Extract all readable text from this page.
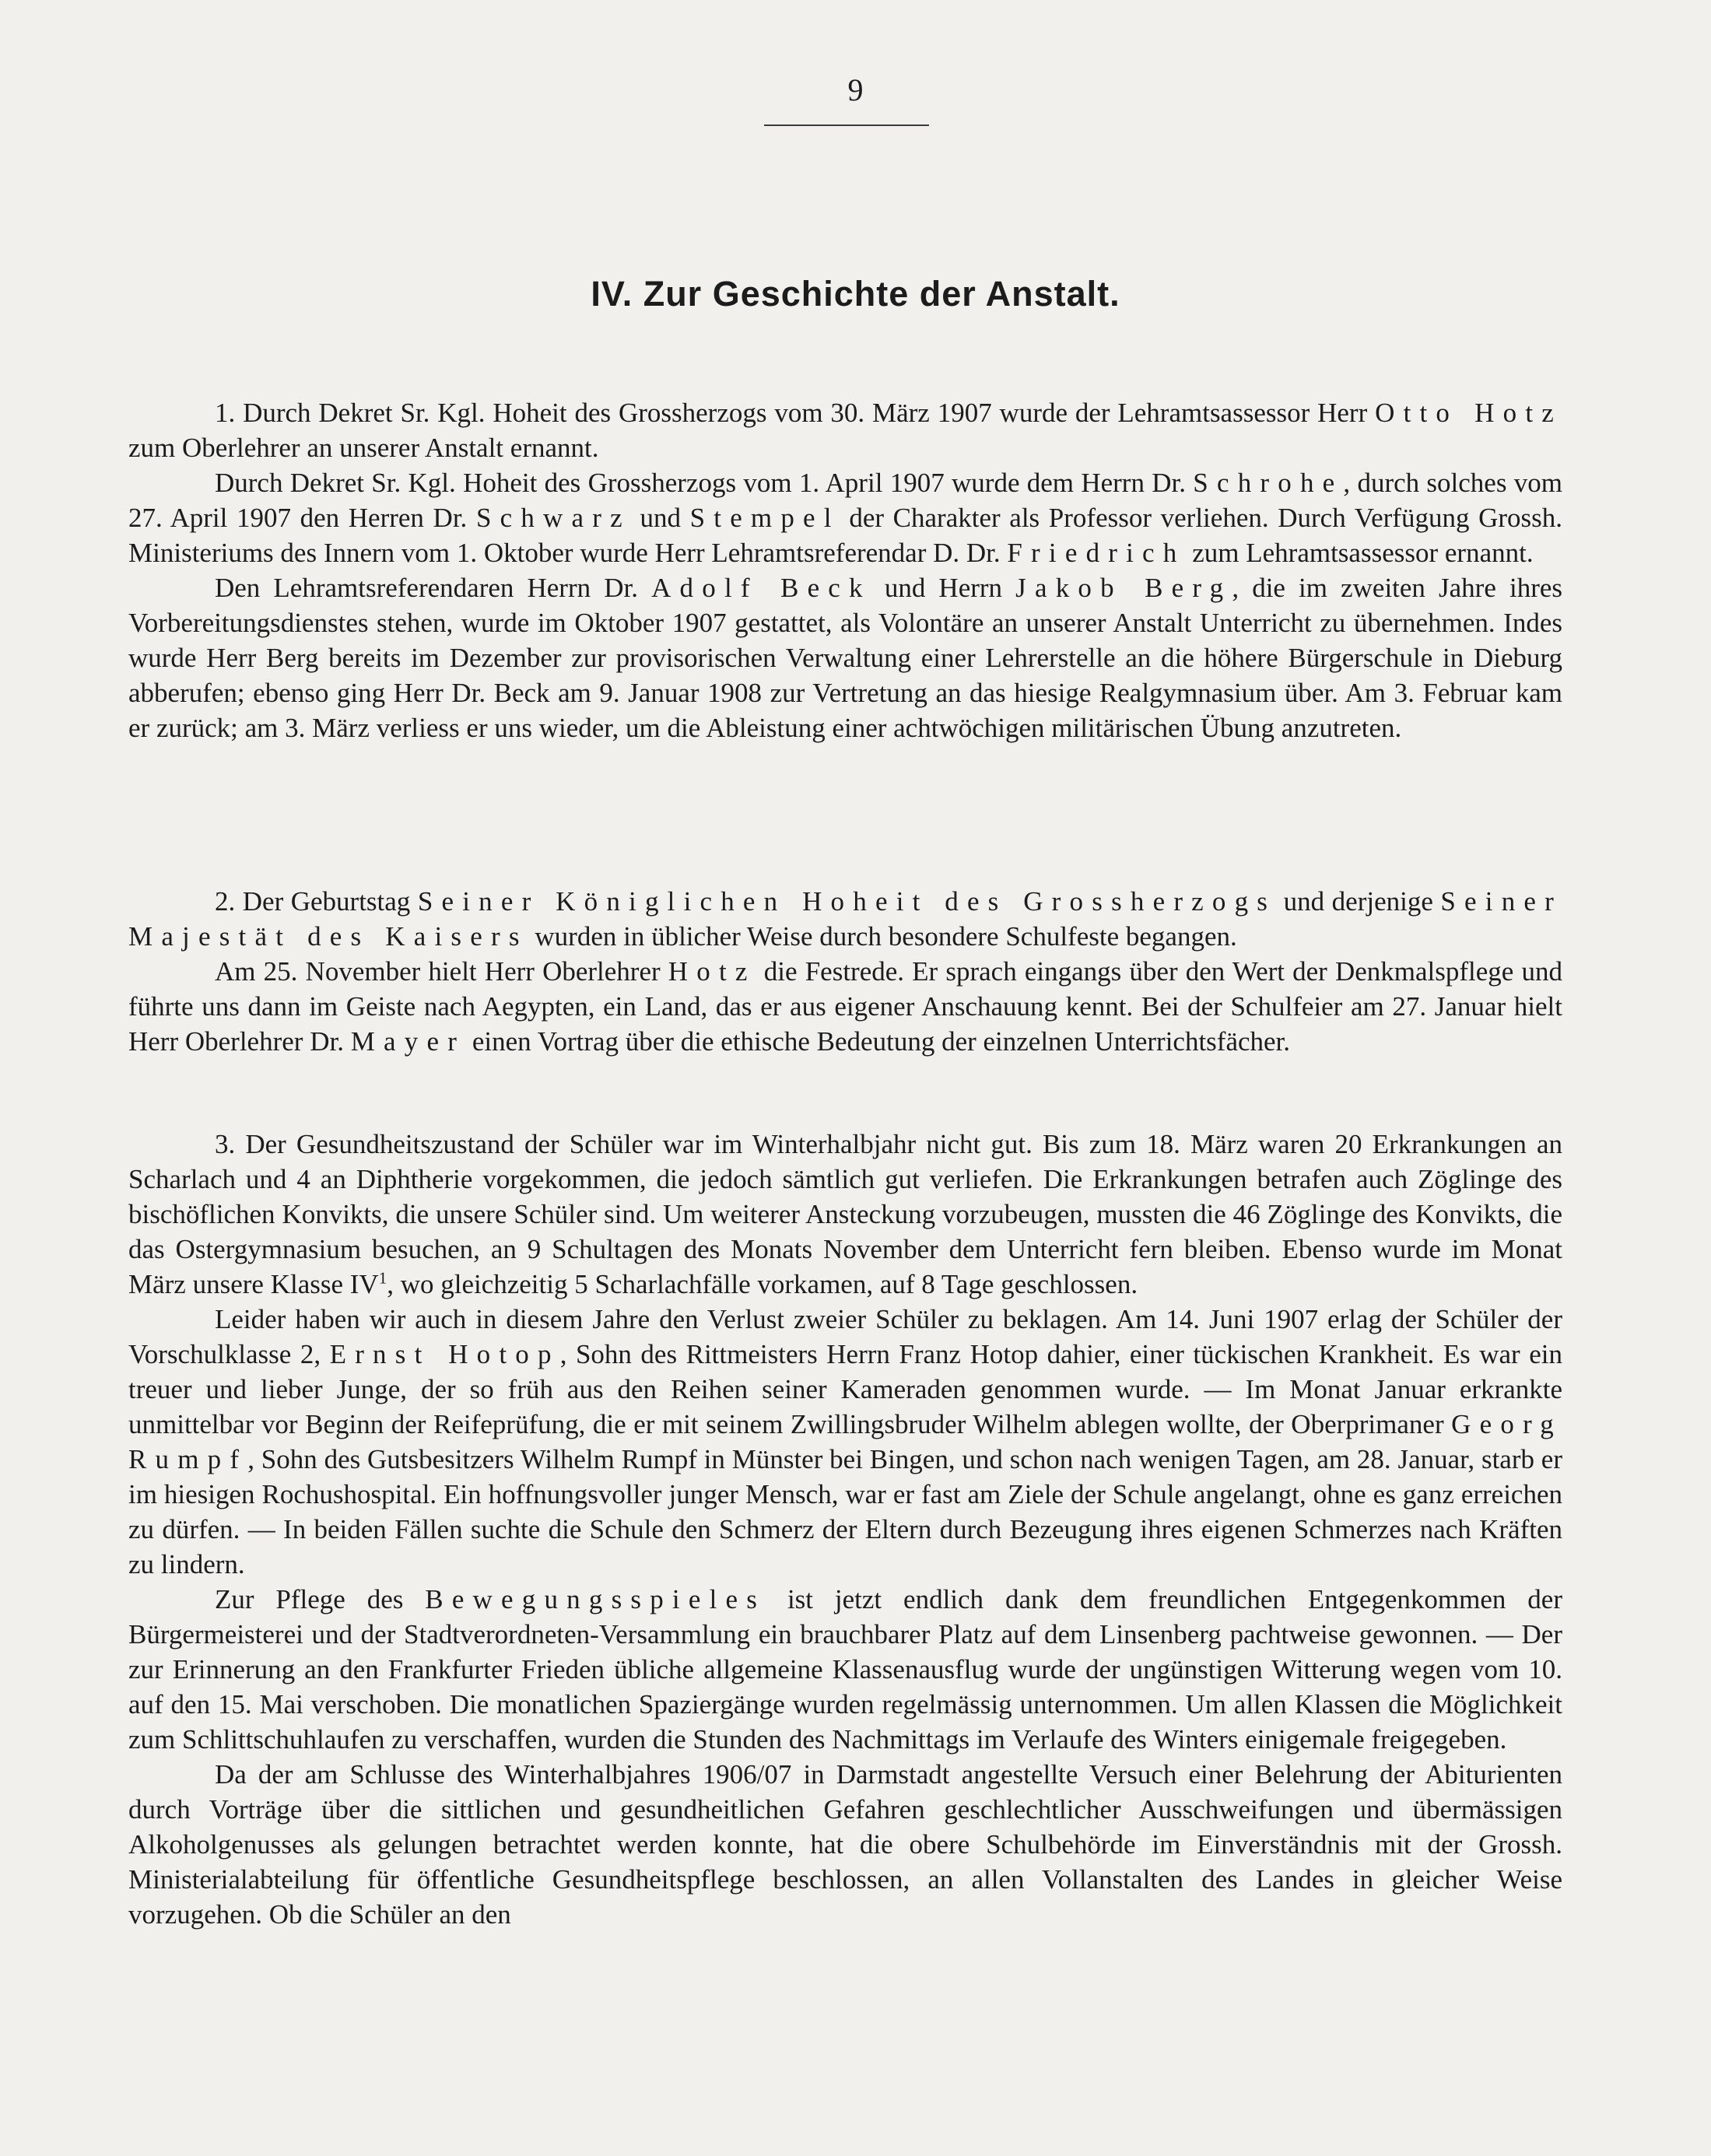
9
IV. Zur Geschichte der Anstalt.

1. Durch Dekret Sr. Kgl. Hoheit des Grossherzogs vom 30. März 1907 wurde der Lehramtsassessor Herr Otto Hotz zum Oberlehrer an unserer Anstalt ernannt.

Durch Dekret Sr. Kgl. Hoheit des Grossherzogs vom 1. April 1907 wurde dem Herrn Dr. Schrohe, durch solches vom 27. April 1907 den Herren Dr. Schwarz und Stempel der Charakter als Professor verliehen. Durch Verfügung Grossh. Ministeriums des Innern vom 1. Oktober wurde Herr Lehramtsreferendar D. Dr. Friedrich zum Lehramtsassessor ernannt.

Den Lehramtsreferendaren Herrn Dr. Adolf Beck und Herrn Jakob Berg, die im zweiten Jahre ihres Vorbereitungsdienstes stehen, wurde im Oktober 1907 gestattet, als Volontäre an unserer Anstalt Unterricht zu übernehmen. Indes wurde Herr Berg bereits im Dezember zur provisorischen Verwaltung einer Lehrerstelle an die höhere Bürgerschule in Dieburg abberufen; ebenso ging Herr Dr. Beck am 9. Januar 1908 zur Vertretung an das hiesige Realgymnasium über. Am 3. Februar kam er zurück; am 3. März verliess er uns wieder, um die Ableistung einer achtwöchigen militärischen Übung anzutreten.

2. Der Geburtstag Seiner Königlichen Hoheit des Grossherzogs und derjenige Seiner Majestät des Kaisers wurden in üblicher Weise durch besondere Schulfeste begangen.

Am 25. November hielt Herr Oberlehrer Hotz die Festrede. Er sprach eingangs über den Wert der Denkmalspflege und führte uns dann im Geiste nach Aegypten, ein Land, das er aus eigener Anschauung kennt. Bei der Schulfeier am 27. Januar hielt Herr Oberlehrer Dr. Mayer einen Vortrag über die ethische Bedeutung der einzelnen Unterrichtsfächer.

3. Der Gesundheitszustand der Schüler war im Winterhalbjahr nicht gut. Bis zum 18. März waren 20 Erkrankungen an Scharlach und 4 an Diphtherie vorgekommen, die jedoch sämtlich gut verliefen. Die Erkrankungen betrafen auch Zöglinge des bischöflichen Konvikts, die unsere Schüler sind. Um weiterer Ansteckung vorzubeugen, mussten die 46 Zöglinge des Konvikts, die das Ostergymnasium besuchen, an 9 Schultagen des Monats November dem Unterricht fern bleiben. Ebenso wurde im Monat März unsere Klasse $IV^1$, wo gleichzeitig 5 Scharlachfälle vorkamen, auf 8 Tage geschlossen.

Leider haben wir auch in diesem Jahre den Verlust zweier Schüler zu beklagen. Am 14. Juni 1907 erlag der Schüler der Vorschulklasse 2, Ernst Hotop, Sohn des Rittmeisters Herrn Franz Hotop dahier, einer tückischen Krankheit. Es war ein treuer und lieber Junge, der so früh aus den Reihen seiner Kameraden genommen wurde. — Im Monat Januar erkrankte unmittelbar vor Beginn der Reifeprüfung, die er mit seinem Zwillingsbruder Wilhelm ablegen wollte, der Oberprimaner Georg Rumpf, Sohn des Gutsbesitzers Wilhelm Rumpf in Münster bei Bingen, und schon nach wenigen Tagen, am 28. Januar, starb er im hiesigen Rochushospital. Ein hoffnungsvoller junger Mensch, war er fast am Ziele der Schule angelangt, ohne es ganz erreichen zu dürfen. — In beiden Fällen suchte die Schule den Schmerz der Eltern durch Bezeugung ihres eigenen Schmerzes nach Kräften zu lindern.

Zur Pflege des Bewegungsspieles ist jetzt endlich dank dem freundlichen Entgegenkommen der Bürgermeisterei und der Stadtverordneten-Versammlung ein brauchbarer Platz auf dem Linsenberg pachtweise gewonnen. — Der zur Erinnerung an den Frankfurter Frieden übliche allgemeine Klassenausflug wurde der ungünstigen Witterung wegen vom 10. auf den 15. Mai verschoben. Die monatlichen Spaziergänge wurden regelmässig unternommen. Um allen Klassen die Möglichkeit zum Schlittschuhlaufen zu verschaffen, wurden die Stunden des Nachmittags im Verlaufe des Winters einigemale freigegeben.

Da der am Schlusse des Winterhalbjahres 1906/07 in Darmstadt angestellte Versuch einer Belehrung der Abiturienten durch Vorträge über die sittlichen und gesundheitlichen Gefahren geschlechtlicher Ausschweifungen und übermässigen Alkoholgenusses als gelungen betrachtet werden konnte, hat die obere Schulbehörde im Einverständnis mit der Grossh. Ministerialabteilung für öffentliche Gesundheitspflege beschlossen, an allen Vollanstalten des Landes in gleicher Weise vorzugehen. Ob die Schüler an den
